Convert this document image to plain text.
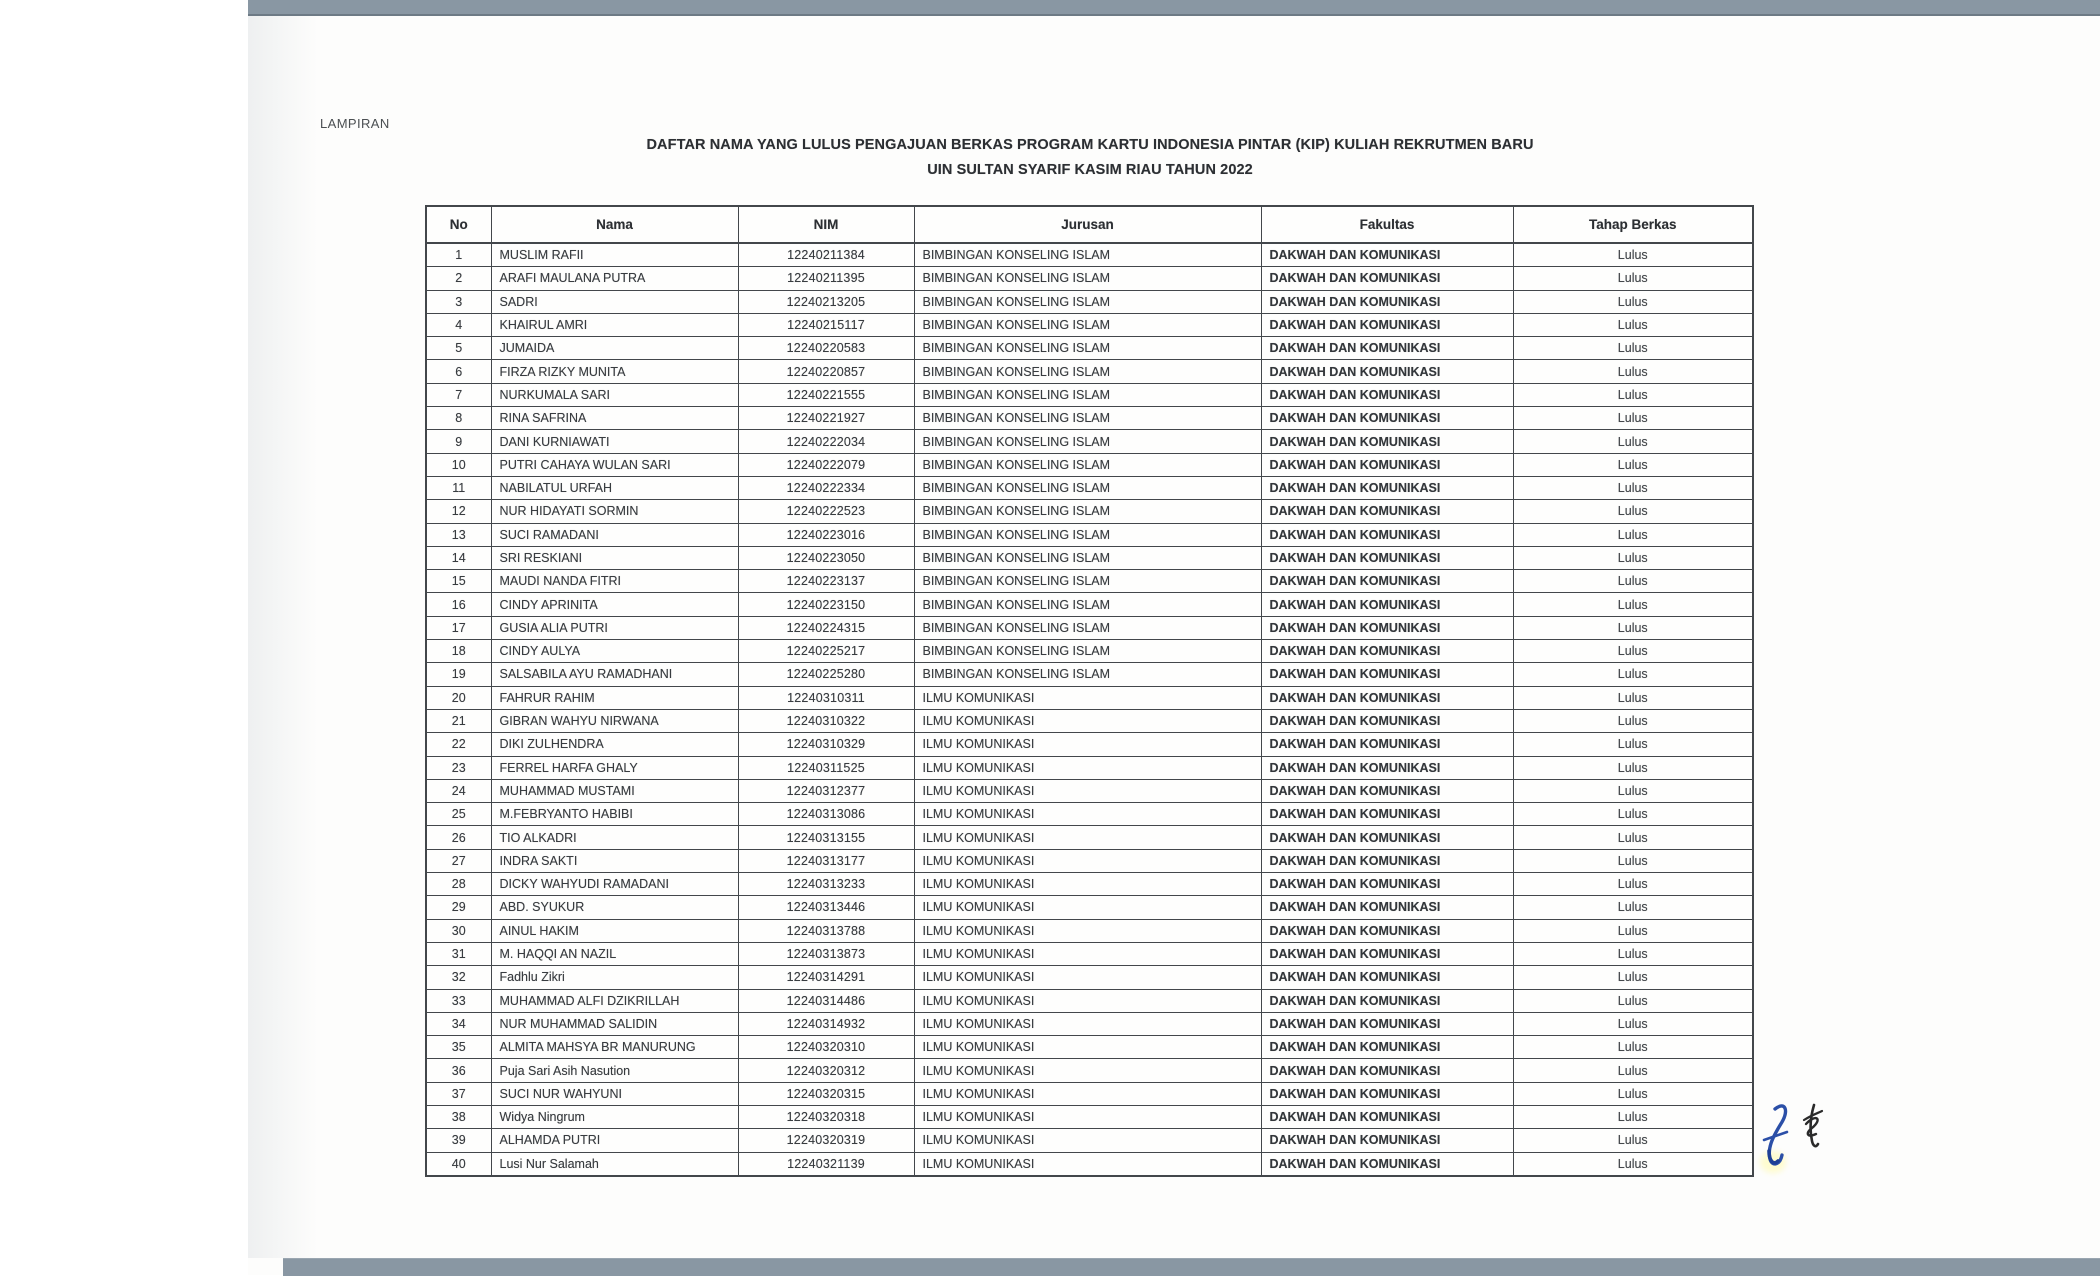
LAMPIRAN
DAFTAR NAMA YANG LULUS PENGAJUAN BERKAS PROGRAM KARTU INDONESIA PINTAR (KIP) KULIAH REKRUTMEN BARU
UIN SULTAN SYARIF KASIM RIAU TAHUN 2022
No	Nama	NIM	Jurusan	Fakultas	Tahap Berkas
1	MUSLIM RAFII	12240211384	BIMBINGAN KONSELING ISLAM	DAKWAH DAN KOMUNIKASI	Lulus
2	ARAFI MAULANA PUTRA	12240211395	BIMBINGAN KONSELING ISLAM	DAKWAH DAN KOMUNIKASI	Lulus
3	SADRI	12240213205	BIMBINGAN KONSELING ISLAM	DAKWAH DAN KOMUNIKASI	Lulus
4	KHAIRUL AMRI	12240215117	BIMBINGAN KONSELING ISLAM	DAKWAH DAN KOMUNIKASI	Lulus
5	JUMAIDA	12240220583	BIMBINGAN KONSELING ISLAM	DAKWAH DAN KOMUNIKASI	Lulus
6	FIRZA RIZKY MUNITA	12240220857	BIMBINGAN KONSELING ISLAM	DAKWAH DAN KOMUNIKASI	Lulus
7	NURKUMALA SARI	12240221555	BIMBINGAN KONSELING ISLAM	DAKWAH DAN KOMUNIKASI	Lulus
8	RINA SAFRINA	12240221927	BIMBINGAN KONSELING ISLAM	DAKWAH DAN KOMUNIKASI	Lulus
9	DANI KURNIAWATI	12240222034	BIMBINGAN KONSELING ISLAM	DAKWAH DAN KOMUNIKASI	Lulus
10	PUTRI CAHAYA WULAN SARI	12240222079	BIMBINGAN KONSELING ISLAM	DAKWAH DAN KOMUNIKASI	Lulus
11	NABILATUL URFAH	12240222334	BIMBINGAN KONSELING ISLAM	DAKWAH DAN KOMUNIKASI	Lulus
12	NUR HIDAYATI SORMIN	12240222523	BIMBINGAN KONSELING ISLAM	DAKWAH DAN KOMUNIKASI	Lulus
13	SUCI RAMADANI	12240223016	BIMBINGAN KONSELING ISLAM	DAKWAH DAN KOMUNIKASI	Lulus
14	SRI RESKIANI	12240223050	BIMBINGAN KONSELING ISLAM	DAKWAH DAN KOMUNIKASI	Lulus
15	MAUDI NANDA FITRI	12240223137	BIMBINGAN KONSELING ISLAM	DAKWAH DAN KOMUNIKASI	Lulus
16	CINDY APRINITA	12240223150	BIMBINGAN KONSELING ISLAM	DAKWAH DAN KOMUNIKASI	Lulus
17	GUSIA ALIA PUTRI	12240224315	BIMBINGAN KONSELING ISLAM	DAKWAH DAN KOMUNIKASI	Lulus
18	CINDY AULYA	12240225217	BIMBINGAN KONSELING ISLAM	DAKWAH DAN KOMUNIKASI	Lulus
19	SALSABILA AYU RAMADHANI	12240225280	BIMBINGAN KONSELING ISLAM	DAKWAH DAN KOMUNIKASI	Lulus
20	FAHRUR RAHIM	12240310311	ILMU KOMUNIKASI	DAKWAH DAN KOMUNIKASI	Lulus
21	GIBRAN WAHYU NIRWANA	12240310322	ILMU KOMUNIKASI	DAKWAH DAN KOMUNIKASI	Lulus
22	DIKI ZULHENDRA	12240310329	ILMU KOMUNIKASI	DAKWAH DAN KOMUNIKASI	Lulus
23	FERREL HARFA GHALY	12240311525	ILMU KOMUNIKASI	DAKWAH DAN KOMUNIKASI	Lulus
24	MUHAMMAD MUSTAMI	12240312377	ILMU KOMUNIKASI	DAKWAH DAN KOMUNIKASI	Lulus
25	M.FEBRYANTO HABIBI	12240313086	ILMU KOMUNIKASI	DAKWAH DAN KOMUNIKASI	Lulus
26	TIO ALKADRI	12240313155	ILMU KOMUNIKASI	DAKWAH DAN KOMUNIKASI	Lulus
27	INDRA SAKTI	12240313177	ILMU KOMUNIKASI	DAKWAH DAN KOMUNIKASI	Lulus
28	DICKY WAHYUDI RAMADANI	12240313233	ILMU KOMUNIKASI	DAKWAH DAN KOMUNIKASI	Lulus
29	ABD. SYUKUR	12240313446	ILMU KOMUNIKASI	DAKWAH DAN KOMUNIKASI	Lulus
30	AINUL HAKIM	12240313788	ILMU KOMUNIKASI	DAKWAH DAN KOMUNIKASI	Lulus
31	M. HAQQI AN NAZIL	12240313873	ILMU KOMUNIKASI	DAKWAH DAN KOMUNIKASI	Lulus
32	Fadhlu Zikri	12240314291	ILMU KOMUNIKASI	DAKWAH DAN KOMUNIKASI	Lulus
33	MUHAMMAD ALFI DZIKRILLAH	12240314486	ILMU KOMUNIKASI	DAKWAH DAN KOMUNIKASI	Lulus
34	NUR MUHAMMAD SALIDIN	12240314932	ILMU KOMUNIKASI	DAKWAH DAN KOMUNIKASI	Lulus
35	ALMITA MAHSYA BR MANURUNG	12240320310	ILMU KOMUNIKASI	DAKWAH DAN KOMUNIKASI	Lulus
36	Puja Sari Asih Nasution	12240320312	ILMU KOMUNIKASI	DAKWAH DAN KOMUNIKASI	Lulus
37	SUCI NUR WAHYUNI	12240320315	ILMU KOMUNIKASI	DAKWAH DAN KOMUNIKASI	Lulus
38	Widya Ningrum	12240320318	ILMU KOMUNIKASI	DAKWAH DAN KOMUNIKASI	Lulus
39	ALHAMDA PUTRI	12240320319	ILMU KOMUNIKASI	DAKWAH DAN KOMUNIKASI	Lulus
40	Lusi Nur Salamah	12240321139	ILMU KOMUNIKASI	DAKWAH DAN KOMUNIKASI	Lulus
